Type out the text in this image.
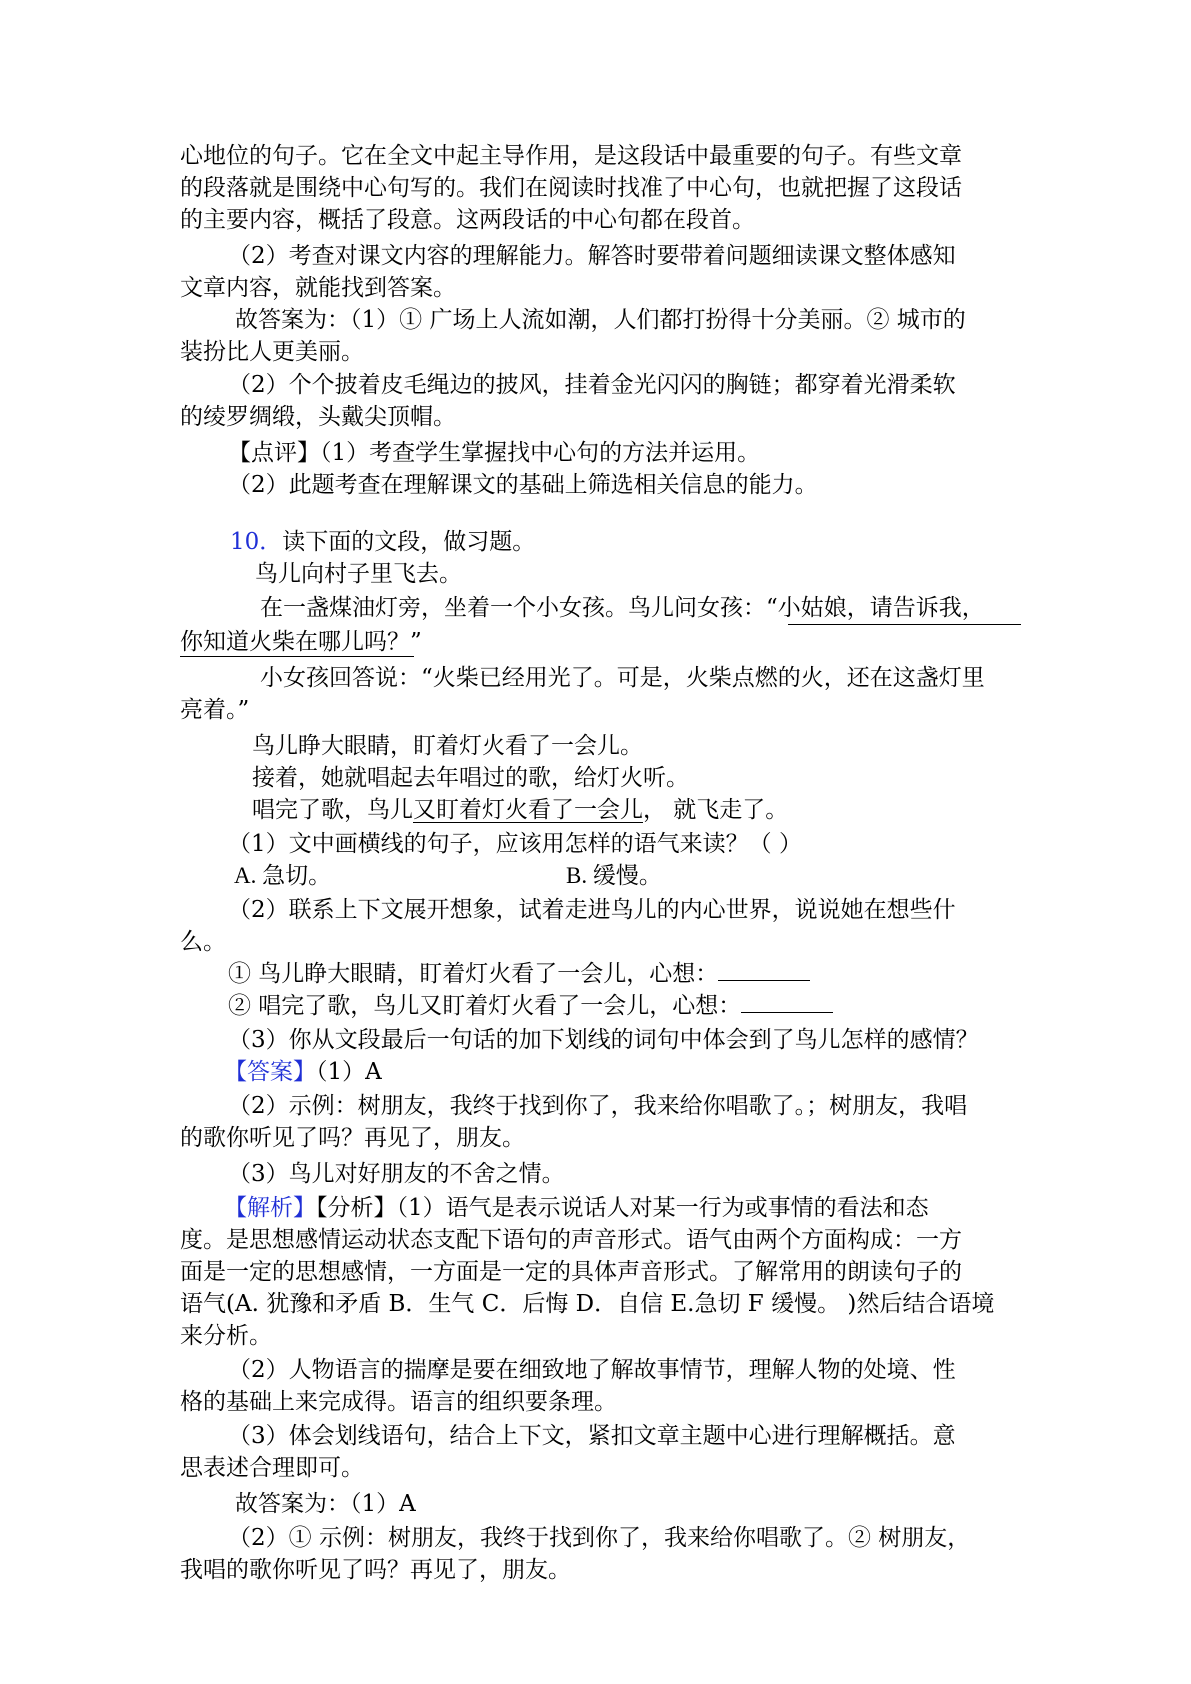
心地位的句子。它在全文中起主导作用，是这段话中最重要的句子。有些文章
的段落就是围绕中心句写的。我们在阅读时找准了中心句，也就把握了这段话
的主要内容，概括了段意。这两段话的中心句都在段首。
（2）考查对课文内容的理解能力。解答时要带着问题细读课文整体感知
文章内容，就能找到答案。
故答案为：（1）① 广场上人流如潮，人们都打扮得十分美丽。② 城市的
装扮比人更美丽。
（2）个个披着皮毛绳边的披风，挂着金光闪闪的胸链；都穿着光滑柔软
的绫罗绸缎，头戴尖顶帽。
【点评】（1）考查学生掌握找中心句的方法并运用。
（2）此题考查在理解课文的基础上筛选相关信息的能力。
10．读下面的文段，做习题。
鸟儿向村子里飞去。
在一盏煤油灯旁，坐着一个小女孩。鸟儿问女孩：“小姑娘，请告诉我，
你知道火柴在哪儿吗？”
小女孩回答说：“火柴已经用光了。可是，火柴点燃的火，还在这盏灯里
亮着。”
鸟儿睁大眼睛，盯着灯火看了一会儿。
接着，她就唱起去年唱过的歌，给灯火听。
唱完了歌，鸟儿又盯着灯火看了一会儿， 就飞走了。
（1）文中画横线的句子，应该用怎样的语气来读？（ ）
A. 急切。	B. 缓慢。
（2）联系上下文展开想象，试着走进鸟儿的内心世界，说说她在想些什
么。
① 鸟儿睁大眼睛，盯着灯火看了一会儿，心想：
② 唱完了歌，鸟儿又盯着灯火看了一会儿，心想：
（3）你从文段最后一句话的加下划线的词句中体会到了鸟儿怎样的感情？
【答案】（1）A
（2）示例：树朋友，我终于找到你了，我来给你唱歌了。；树朋友，我唱
的歌你听见了吗？再见了，朋友。
（3）鸟儿对好朋友的不舍之情。
【解析】【分析】（1）语气是表示说话人对某一行为或事情的看法和态
度。是思想感情运动状态支配下语句的声音形式。语气由两个方面构成：一方
面是一定的思想感情，一方面是一定的具体声音形式。了解常用的朗读句子的
语气(A. 犹豫和矛盾 B．生气 C．后悔 D．自信 E.急切 F 缓慢。 )然后结合语境
来分析。
（2）人物语言的揣摩是要在细致地了解故事情节，理解人物的处境、性
格的基础上来完成得。语言的组织要条理。
（3）体会划线语句，结合上下文，紧扣文章主题中心进行理解概括。意
思表述合理即可。
故答案为：（1）A
（2）① 示例：树朋友，我终于找到你了，我来给你唱歌了。② 树朋友，
我唱的歌你听见了吗？再见了，朋友。
